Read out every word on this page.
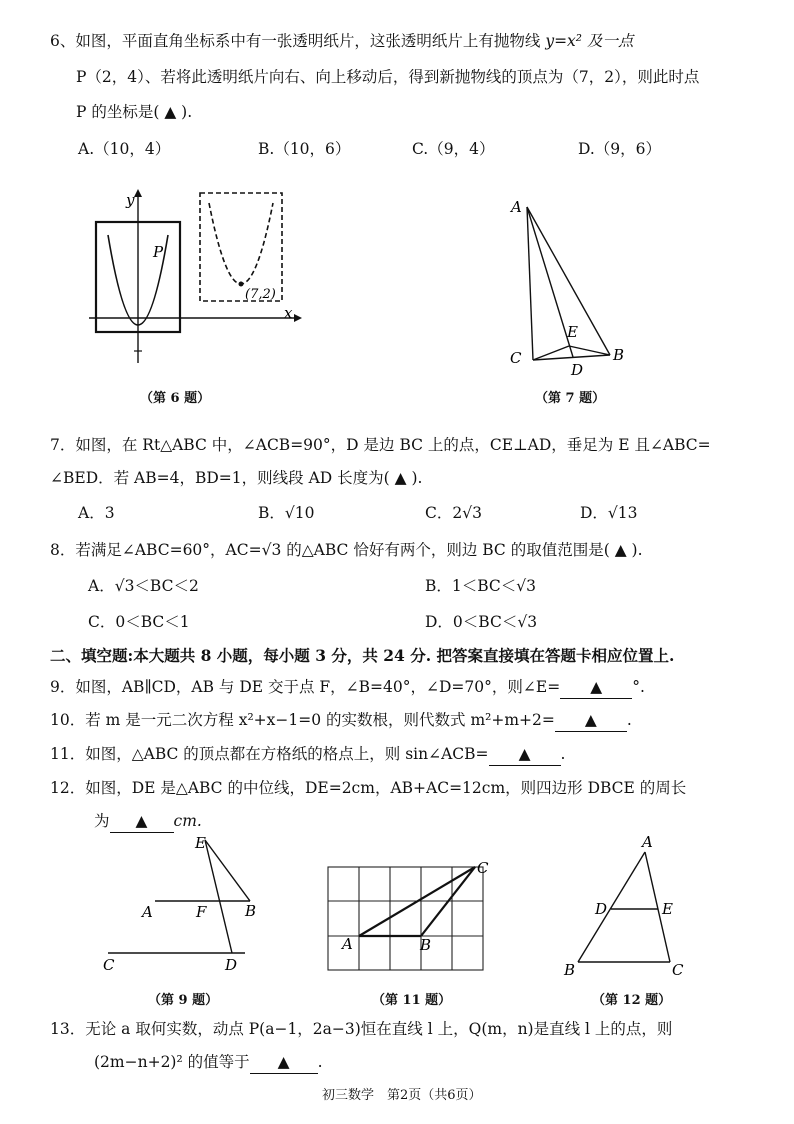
6、如图，平面直角坐标系中有一张透明纸片，这张透明纸片上有抛物线 y=x² 及一点
P（2，4）、若将此透明纸片向右、向上移动后，得到新抛物线的顶点为（7，2），则此时点
P 的坐标是( ▲ ).
A.（10，4）	B.（10，6）	C.（9，4）	D.（9，6）
y
x
P
(7,2)
（第 6 题）
A
B
C
D
E
（第 7 题）
7．如图，在 Rt△ABC 中，∠ACB=90°，D 是边 BC 上的点，CE⊥AD，垂足为 E 且∠ABC=
∠BED．若 AB=4，BD=1，则线段 AD 长度为( ▲ ).
A．3	B．√10	C．2√3	D．√13
8．若满足∠ABC=60°，AC=√3 的△ABC 恰好有两个，则边 BC 的取值范围是( ▲ ).
A．√3＜BC＜2	B．1＜BC＜√3
C．0＜BC＜1	D．0＜BC＜√3
二、填空题:本大题共 8 小题，每小题 3 分，共 24 分. 把答案直接填在答题卡相应位置上.
9．如图，AB∥CD，AB 与 DE 交于点 F，∠B=40°，∠D=70°，则∠E= ▲ °.
10．若 m 是一元二次方程 x²+x−1=0 的实数根，则代数式 m²+m+2= ▲ .
11．如图，△ABC 的顶点都在方格纸的格点上，则 sin∠ACB= ▲ .
12．如图，DE 是△ABC 的中位线，DE=2cm，AB+AC=12cm，则四边形 DBCE 的周长
为 ▲ cm.
E
A	F	B
C	D
（第 9 题）
A	B
C
（第 11 题）
A
D	E
B	C
（第 12 题）
13．无论 a 取何实数，动点 P(a−1，2a−3)恒在直线 l 上，Q(m，n)是直线 l 上的点，则
(2m−n+2)² 的值等于 ▲ .
初三数学　第2页（共6页）
